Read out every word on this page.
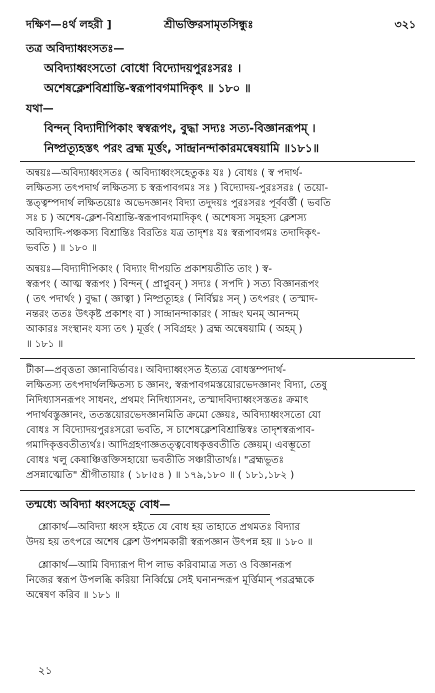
দক্ষিণ—৪র্থ লহরী ]	শ্রীভক্তিরসামৃতসিন্ধুঃ	৩২১
তত্র অবিদ্যাধ্বংসতঃ—
অবিদ্যাধ্বংসতো বোধো বিদ্যোদয়পুরঃসরঃ ।
অশেষক্লেশবিশ্রান্তি-স্বরূপাবগমাদিকৃৎ ॥ ১৮০ ॥
যথা—
বিন্দন্ বিদ্যাদীপিকাং স্বস্বরূপং, বুদ্ধা সদ্যঃ সত্য-বিজ্ঞানরূপম্ ।
নিষ্প্রত্যূহস্তৎ পরং ব্রহ্ম মূর্ত্তং, সান্দ্রানন্দাকারমন্বেষয়ামি ॥১৮১॥
অন্বয়ঃ—অবিদ্যাধ্বংসতঃ ( অবিদ্যাধ্বংসহেতুকঃ যঃ ) বোধঃ ( স্ব পদার্থ-
লক্ষিতস্য তৎপদার্থ লক্ষিতস্য চ স্বরূপাবগমঃ সঃ ) বিদ্যোদয়-পুরঃসরঃ ( তয়ো-
স্তত্ত্বম্পদার্থ লক্ষিতয়োঃ অভেদজ্ঞানং বিদ্যা তদুদয়ঃ পুরঃসরঃ পূর্ববর্ত্তী ( ভবতি
সঃ চ ) অশেষ-ক্লেশ-বিশ্রান্তি-স্বরূপাবগমাদিকৃৎ ( অশেষস্য সমূহস্য ক্লেশস্য
অবিদ্যাদি-পঞ্চকস্য বিশ্রান্তিঃ বিরতিঃ যত্র তাদৃশঃ যঃ স্বরূপাবগমঃ তদাদিকৃৎ-
ভবতি ) ॥ ১৮০ ॥
অন্বয়ঃ—বিদ্যাদীপিকাং ( বিদ্যাং দীপয়তি প্রকাশয়তীতি তাং ) স্ব-
স্বরূপং ( আত্ম স্বরূপং ) বিন্দন্ ( প্রাপ্নুবন্ ) সদ্যঃ ( সপদি ) সত্য বিজ্ঞানরূপং
( তৎ পদার্থং ) বুদ্ধা ( জ্ঞাত্বা ) নিষ্প্রত্যূহঃ ( নির্বিঘ্নঃ সন্ ) তৎপরং ( তস্মাদ-
নন্তরং ততঃ উৎকৃষ্ট প্রকাশং বা ) সান্দ্রানন্দাকারং ( সান্দ্রং ঘনম্ আনন্দম্
আকারঃ সংস্থানং যস্য তৎ ) মূর্ত্তং ( সবিগ্রহং ) ব্রহ্ম অন্বেষয়ামি ( অহম্ )
॥ ১৮১ ॥
টীকা—প্রবৃত্ততা জ্ঞানাবির্ভাবঃ। অবিদ্যাধ্বংসত ইত্যত্র বোধস্তম্পদার্থ-
লক্ষিতস্য তৎপদার্থলক্ষিতস্য চ জ্ঞানং, স্বরূপাবগমস্তয়োরভেদজ্ঞানং বিদ্যা, তেষু
নিদিধ্যাসনরূপং সাধনং, প্রথমং নিদিধ্যাসনং, তস্মাদবিদ্যাধ্বংসস্ততঃ ক্রমাৎ
পদার্থবস্তুজ্ঞানং, ততস্তয়োরভেদজ্ঞানমিতি ক্রমো জ্ঞেয়ঃ, অবিদ্যাধ্বংসতো যো
বোধঃ স বিদ্যোদয়পুরঃসরো ভবতি, স চাশেষক্লেশবিশ্রান্তিস্বঃ তাদৃশস্বরূপাব-
গমাদিকৃত্তবতীত্যর্থঃ। আদিগ্রহণাজ্ঞতত্ত্ববোধকৃত্তবতীতি জ্ঞেয়ম্। এবম্ভূতো
বোধঃ খলু কেষাঞ্চিত্তক্তিসহায়ো ভবতীতি সঞ্চারীতার্থঃ। "ব্রহ্মভূতঃ
প্রসন্নাত্মেতি" শ্রীগীতায়াঃ ( ১৮।৫৪ ) ॥ ১৭৯,১৮০ ॥ ( ১৮১,১৮২ )
তন্মধ্যে অবিদ্যা ধ্বংসহেতু বোধ—
শ্লোকার্থ—অবিদ্যা ধ্বংস হইতে যে বোধ হয় তাহাতে প্রথমতঃ বিদ্যার
উদয় হয় তৎপরে অশেষ ক্লেশ উপশমকারী স্বরূপজ্ঞান উৎপন্ন হয় ॥ ১৮০ ॥
শ্লোকার্থ—আমি বিদ্যারূপ দীপ লাভ করিবামাত্র সত্য ও বিজ্ঞানরূপ
নিজের স্বরূপ উপলব্ধি করিয়া নির্ব্বিঘ্নে সেই ঘনানন্দরূপ মূর্ত্তিমান্ পরব্রহ্মকে
অন্বেষণ করিব ॥ ১৮১ ॥
২১
